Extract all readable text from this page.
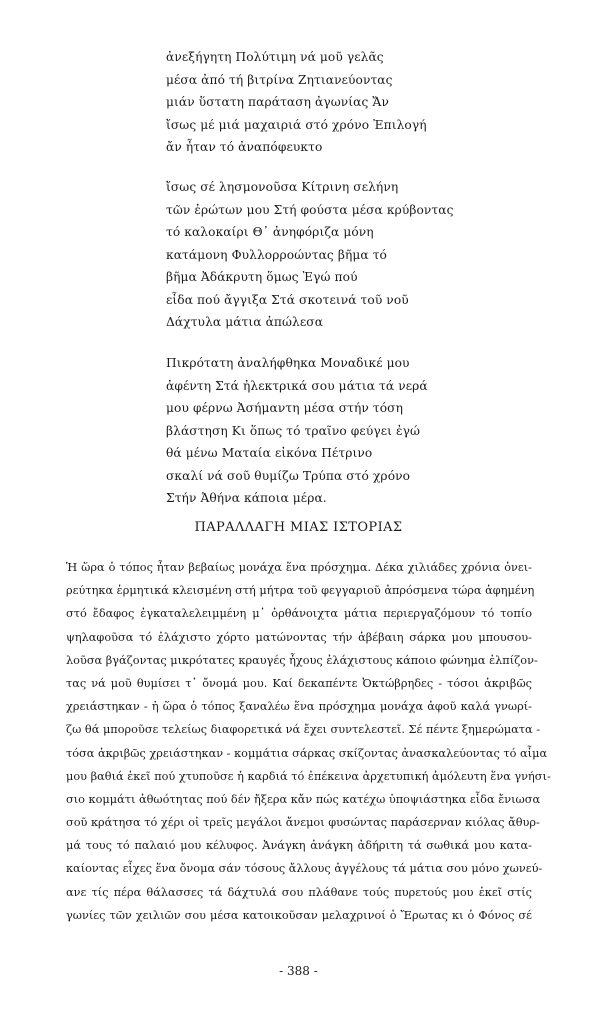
ἀνεξήγητη Πολύτιμη νά μοῦ γελᾶς
μέσα ἀπό τή βιτρίνα Ζητιανεύοντας
μιάν ὕστατη παράταση ἀγωνίας Ἄν
ἴσως μέ μιά μαχαιριά στό χρόνο Ἐπιλογή
ἄν ἦταν τό ἀναπόφευκτο
ἴσως σέ λησμονοῦσα Κίτρινη σελήνη
τῶν ἐρώτων μου Στή φούστα μέσα κρύβοντας
τό καλοκαίρι Θ᾽ ἀνηφόριζα μόνη
κατάμονη Φυλλορροώντας βῆμα τό
βῆμα Ἀδάκρυτη ὅμως Ἐγώ πού
εἶδα πού ἄγγιξα Στά σκοτεινά τοῦ νοῦ
Δάχτυλα μάτια ἀπώλεσα
Πικρότατη ἀναλήφθηκα Μοναδικέ μου
ἀφέντη Στά ἠλεκτρικά σου μάτια τά νερά
μου φέρνω Ἀσήμαντη μέσα στήν τόση
βλάστηση Κι ὅπως τό τραῖνο φεύγει ἐγώ
θά μένω Ματαία εἰκόνα Πέτρινο
σκαλί νά σοῦ θυμίζω Τρύπα στό χρόνο
Στήν Ἀθήνα κάποια μέρα.
ΠΑΡΑΛΛΑΓΗ ΜΙΑΣ ΙΣΤΟΡΙΑΣ
Ἡ ὥρα ὁ τόπος ἦταν βεβαίως μονάχα ἕνα πρόσχημα. Δέκα χιλιάδες χρόνια ὀνει-
ρεύτηκα ἑρμητικά κλεισμένη στή μήτρα τοῦ φεγγαριοῦ ἀπρόσμενα τώρα ἀφημένη
στό ἔδαφος ἐγκαταλελειμμένη μ᾽ ὀρθάνοιχτα μάτια περιεργαζόμουν τό τοπίο
ψηλαφοῦσα τό ἐλάχιστο χόρτο ματώνοντας τήν ἀβέβαιη σάρκα μου μπουσου-
λοῦσα βγάζοντας μικρότατες κραυγές ἦχους ἐλάχιστους κάποιο φώνημα ἐλπίζον-
τας νά μοῦ θυμίσει τ᾽ ὄνομά μου. Καί δεκαπέντε Ὀκτώβρηδες - τόσοι ἀκριβῶς
χρειάστηκαν - ἡ ὥρα ὁ τόπος ξαναλέω ἕνα πρόσχημα μονάχα ἀφοῦ καλά γνωρί-
ζω θά μποροῦσε τελείως διαφορετικά νά ἔχει συντελεστεῖ. Σέ πέντε ξημερώματα -
τόσα ἀκριβῶς χρειάστηκαν - κομμάτια σάρκας σκίζοντας ἀνασκαλεύοντας τό αἷμα
μου βαθιά ἐκεῖ πού χτυποῦσε ἡ καρδιά τό ἐπέκεινα ἀρχετυπική ἀμόλευτη ἕνα γνήσι-
σιο κομμάτι ἀθωότητας πού δέν ἤξερα κἄν πώς κατέχω ὑποψιάστηκα εἶδα ἔνιωσα
σοῦ κράτησα τό χέρι οἱ τρεῖς μεγάλοι ἄνεμοι φυσώντας παράσερναν κιόλας ἄθυρ-
μά τους τό παλαιό μου κέλυφος. Ἀνάγκη ἀνάγκη ἀδήριτη τά σωθικά μου κατα-
καίοντας εἶχες ἕνα ὄνομα σάν τόσους ἄλλους ἀγγέλους τά μάτια σου μόνο χωνεύ-
ανε τίς πέρα θάλασσες τά δάχτυλά σου πλάθανε τούς πυρετούς μου ἐκεῖ στίς
γωνίες τῶν χειλιῶν σου μέσα κατοικοῦσαν μελαχρινοί ὁ Ἔρωτας κι ὁ Φόνος σέ
- 388 -
